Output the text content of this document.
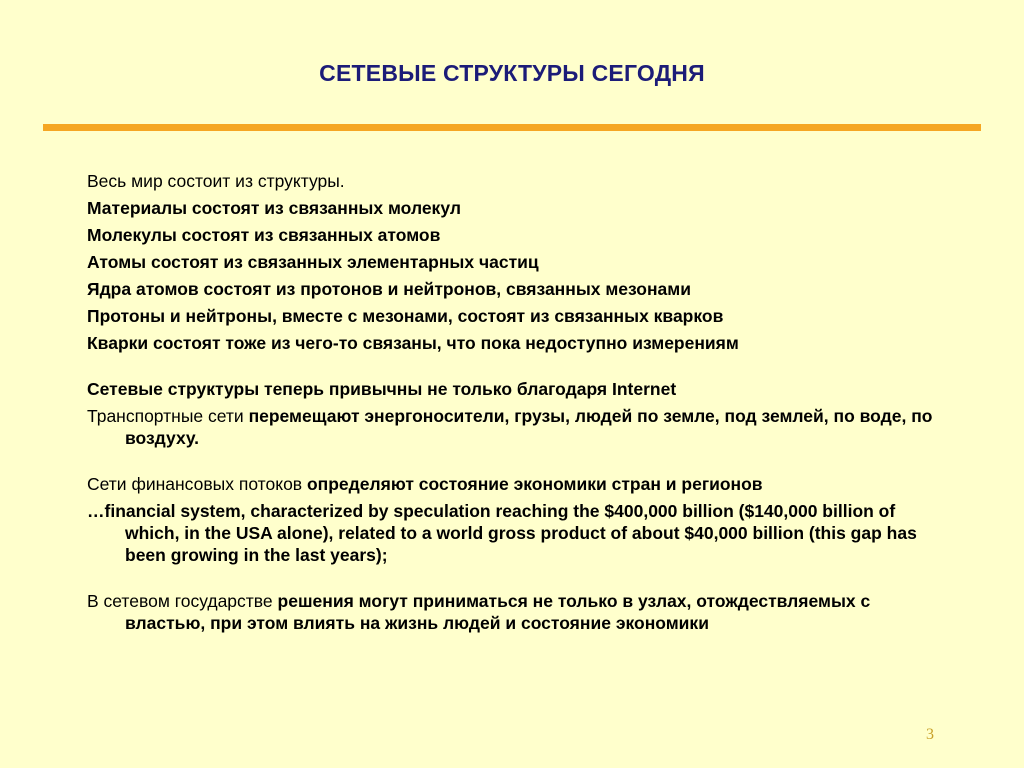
СЕТЕВЫЕ СТРУКТУРЫ СЕГОДНЯ
Весь мир состоит из структуры.
Материалы состоят из связанных молекул
Молекулы состоят из связанных атомов
Атомы состоят из связанных элементарных частиц
Ядра атомов состоят из протонов и нейтронов, связанных мезонами
Протоны и нейтроны, вместе с мезонами, состоят из связанных кварков
Кварки состоят тоже из чего-то связаны, что пока недоступно измерениям
Сетевые структуры теперь привычны не только благодаря Internet
Транспортные сети перемещают энергоносители, грузы, людей по земле, под землей, по воде, по воздуху.
Сети финансовых потоков определяют состояние экономики стран и регионов
…financial system, characterized by speculation reaching the $400,000 billion ($140,000 billion of which, in the USA alone), related to a world gross product of about $40,000 billion (this gap has been growing in the last years);
В сетевом государстве решения могут приниматься не только в узлах, отождествляемых с властью, при этом влиять на жизнь людей и состояние экономики
3
